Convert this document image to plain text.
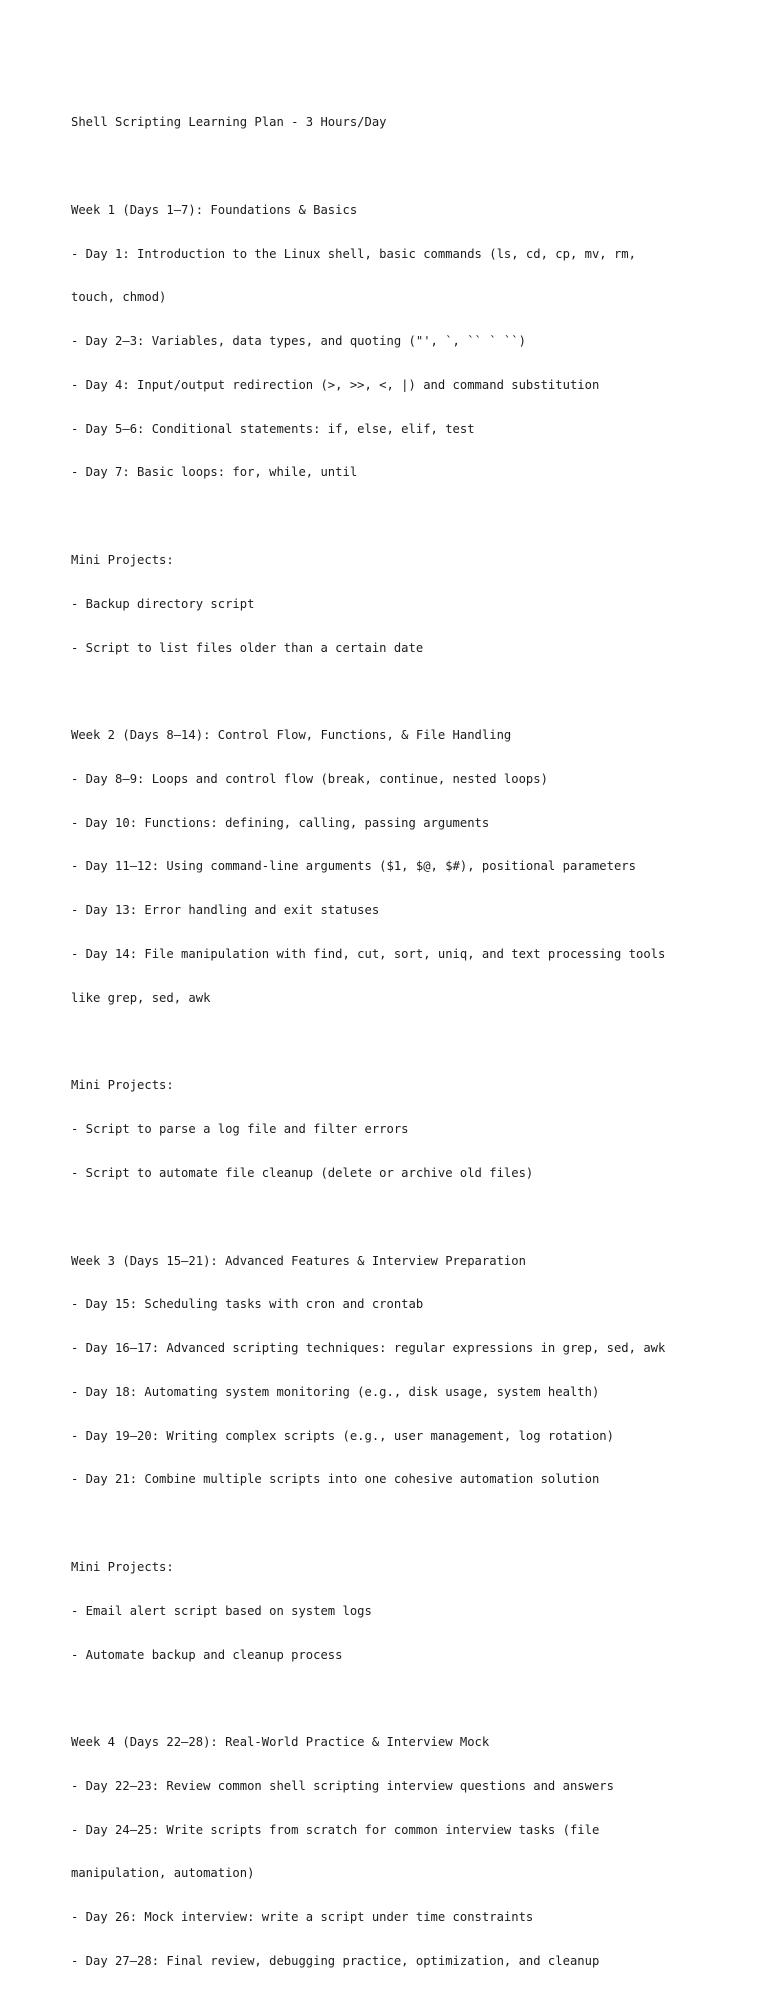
Shell Scripting Learning Plan - 3 Hours/Day

Week 1 (Days 1–7): Foundations & Basics

- Day 1: Introduction to the Linux shell, basic commands (ls, cd, cp, mv, rm,

touch, chmod)

- Day 2–3: Variables, data types, and quoting ("', `, `` ` ``)

- Day 4: Input/output redirection (>, >>, <, |) and command substitution

- Day 5–6: Conditional statements: if, else, elif, test

- Day 7: Basic loops: for, while, until

Mini Projects:

- Backup directory script

- Script to list files older than a certain date

Week 2 (Days 8–14): Control Flow, Functions, & File Handling

- Day 8–9: Loops and control flow (break, continue, nested loops)

- Day 10: Functions: defining, calling, passing arguments

- Day 11–12: Using command-line arguments ($1, $@, $#), positional parameters

- Day 13: Error handling and exit statuses

- Day 14: File manipulation with find, cut, sort, uniq, and text processing tools

like grep, sed, awk

Mini Projects:

- Script to parse a log file and filter errors

- Script to automate file cleanup (delete or archive old files)

Week 3 (Days 15–21): Advanced Features & Interview Preparation

- Day 15: Scheduling tasks with cron and crontab

- Day 16–17: Advanced scripting techniques: regular expressions in grep, sed, awk

- Day 18: Automating system monitoring (e.g., disk usage, system health)

- Day 19–20: Writing complex scripts (e.g., user management, log rotation)

- Day 21: Combine multiple scripts into one cohesive automation solution

Mini Projects:

- Email alert script based on system logs

- Automate backup and cleanup process

Week 4 (Days 22–28): Real-World Practice & Interview Mock

- Day 22–23: Review common shell scripting interview questions and answers

- Day 24–25: Write scripts from scratch for common interview tasks (file

manipulation, automation)

- Day 26: Mock interview: write a script under time constraints

- Day 27–28: Final review, debugging practice, optimization, and cleanup
